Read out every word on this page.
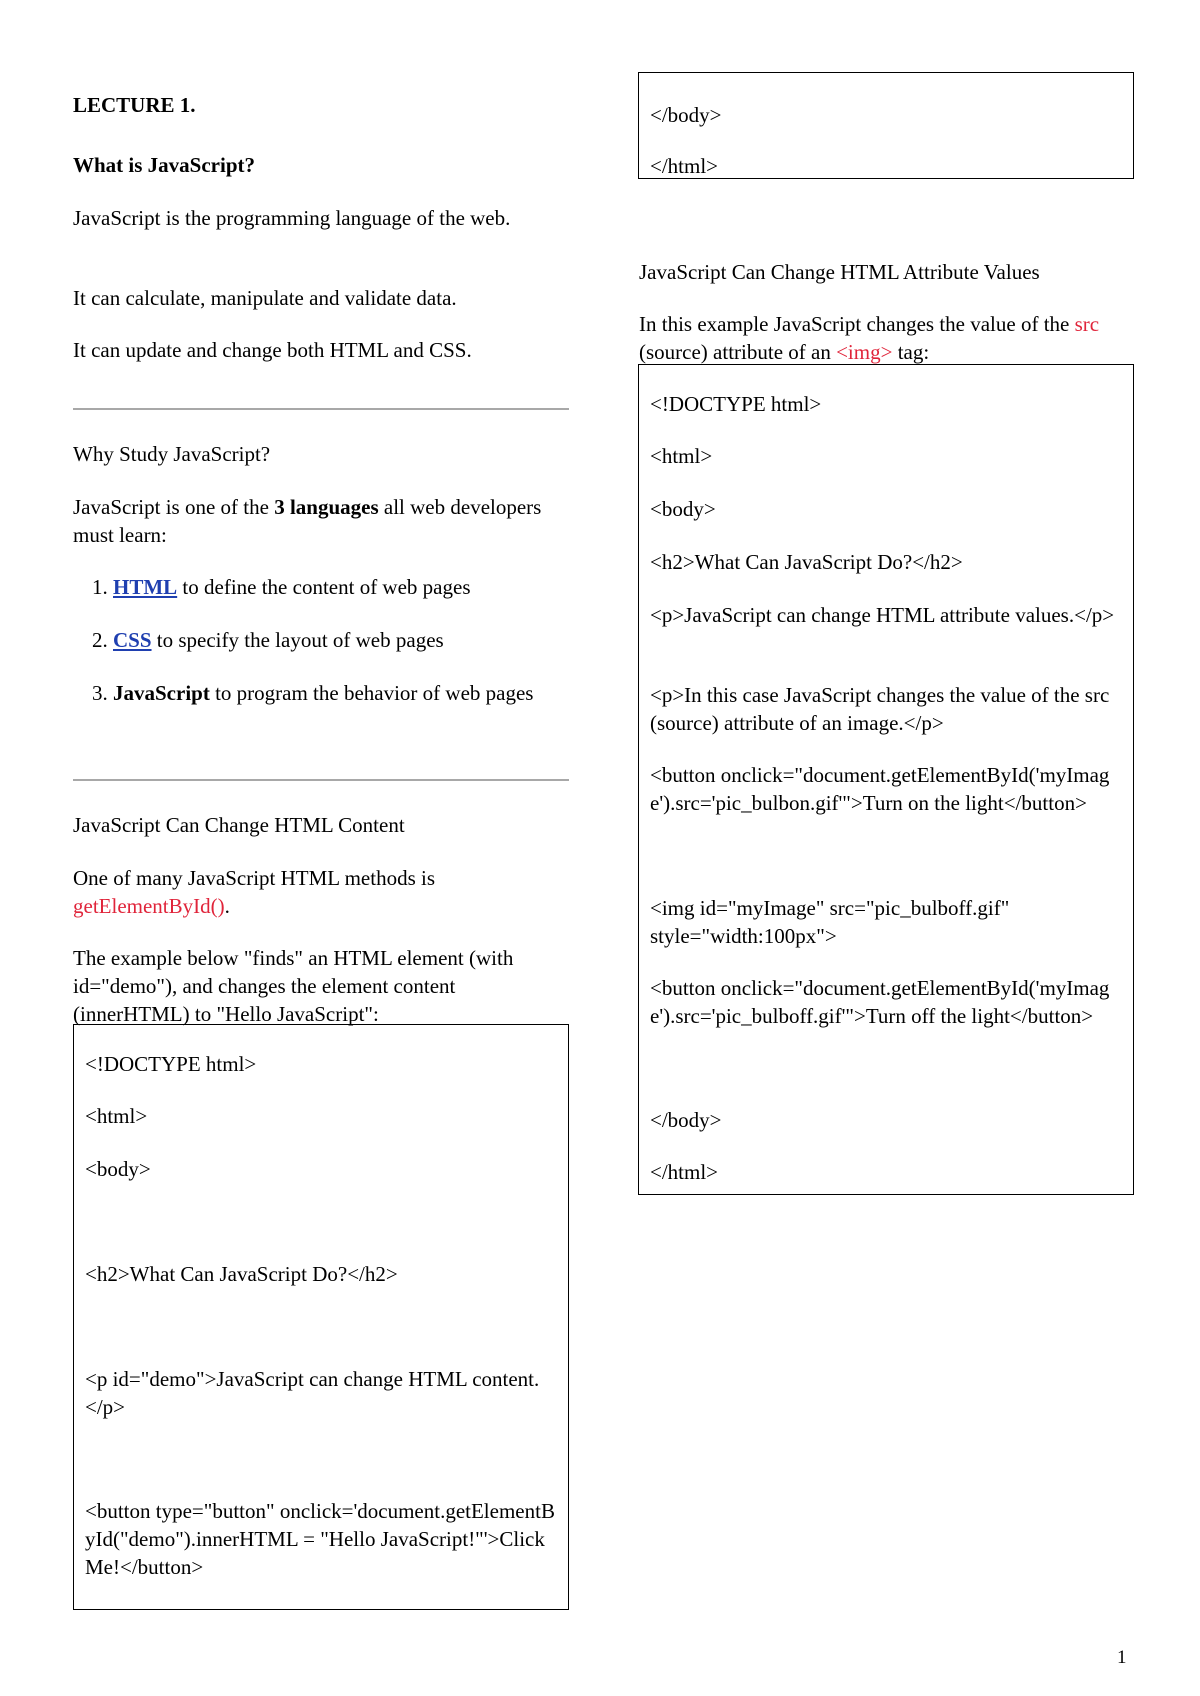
LECTURE 1.

What is JavaScript?

JavaScript is the programming language of the web.

It can calculate, manipulate and validate data.

It can update and change both HTML and CSS.

Why Study JavaScript?

JavaScript is one of the 3 languages all web developers must learn:

1. HTML to define the content of web pages

2. CSS to specify the layout of web pages

3. JavaScript to program the behavior of web pages

JavaScript Can Change HTML Content

One of many JavaScript HTML methods is getElementById().

The example below "finds" an HTML element (with id="demo"), and changes the element content (innerHTML) to "Hello JavaScript":

<!DOCTYPE html>

<html>

<body>

<h2>What Can JavaScript Do?</h2>

<p id="demo">JavaScript can change HTML content.</p>

<button type="button" onclick='document.getElementById("demo").innerHTML = "Hello JavaScript!"'>Click Me!</button>

</body>

</html>

JavaScript Can Change HTML Attribute Values

In this example JavaScript changes the value of the src (source) attribute of an <img> tag:

<!DOCTYPE html>

<html>

<body>

<h2>What Can JavaScript Do?</h2>

<p>JavaScript can change HTML attribute values.</p>

<p>In this case JavaScript changes the value of the src (source) attribute of an image.</p>

<button onclick="document.getElementById('myImage').src='pic_bulbon.gif'">Turn on the light</button>

<img id="myImage" src="pic_bulboff.gif" style="width:100px">

<button onclick="document.getElementById('myImage').src='pic_bulboff.gif'">Turn off the light</button>

</body>

</html>

1
